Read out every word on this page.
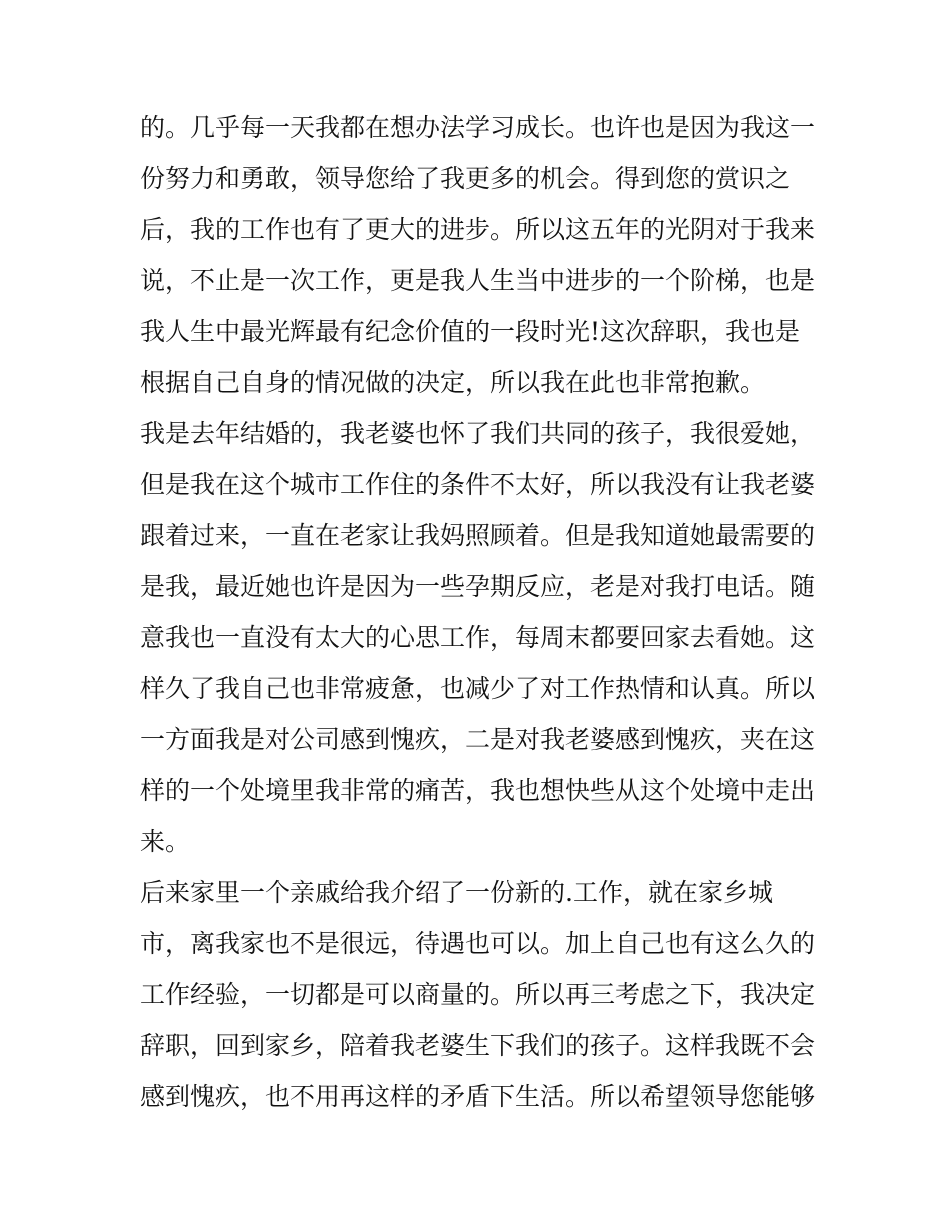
的。几乎每一天我都在想办法学习成长。也许也是因为我这一
份努力和勇敢，领导您给了我更多的机会。得到您的赏识之
后，我的工作也有了更大的进步。所以这五年的光阴对于我来
说，不止是一次工作，更是我人生当中进步的一个阶梯，也是
我人生中最光辉最有纪念价值的一段时光!这次辞职，我也是
根据自己自身的情况做的决定，所以我在此也非常抱歉。
我是去年结婚的，我老婆也怀了我们共同的孩子，我很爱她，
但是我在这个城市工作住的条件不太好，所以我没有让我老婆
跟着过来，一直在老家让我妈照顾着。但是我知道她最需要的
是我，最近她也许是因为一些孕期反应，老是对我打电话。随
意我也一直没有太大的心思工作，每周末都要回家去看她。这
样久了我自己也非常疲惫，也减少了对工作热情和认真。所以
一方面我是对公司感到愧疚，二是对我老婆感到愧疚，夹在这
样的一个处境里我非常的痛苦，我也想快些从这个处境中走出
来。
后来家里一个亲戚给我介绍了一份新的.工作，就在家乡城
市，离我家也不是很远，待遇也可以。加上自己也有这么久的
工作经验，一切都是可以商量的。所以再三考虑之下，我决定
辞职，回到家乡，陪着我老婆生下我们的孩子。这样我既不会
感到愧疚，也不用再这样的矛盾下生活。所以希望领导您能够
